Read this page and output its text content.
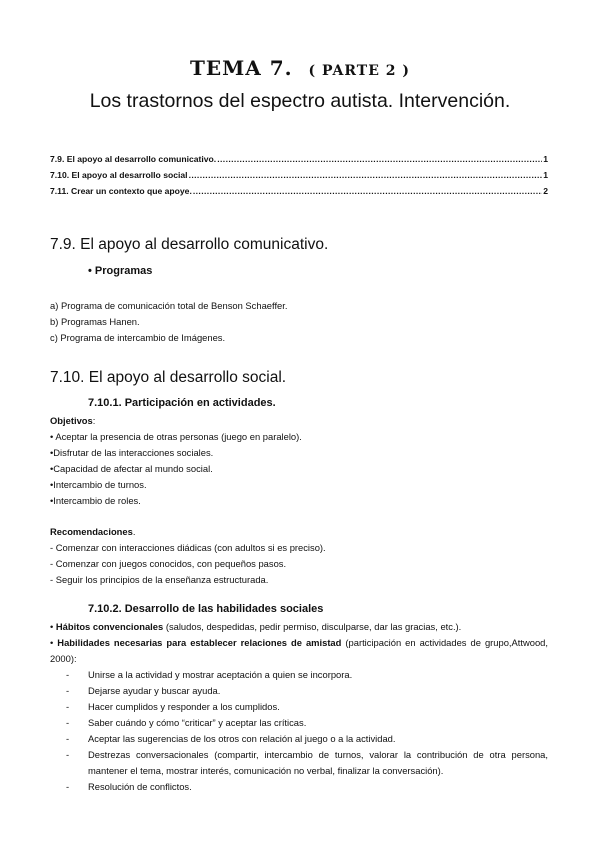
TEMA 7. ( PARTE 2 )
Los trastornos del espectro autista. Intervención.
7.9. El apoyo al desarrollo comunicativo. .....	1
7.10. El apoyo al desarrollo social .....	1
7.11. Crear un contexto que apoye. .....	2
7.9. El apoyo al desarrollo comunicativo.
• Programas
a) Programa de comunicación total de Benson Schaeffer.
b) Programas Hanen.
c) Programa de intercambio de Imágenes.
7.10. El apoyo al desarrollo social.
7.10.1. Participación en actividades.
Objetivos:
• Aceptar la presencia de otras personas (juego en paralelo).
•Disfrutar de las interacciones sociales.
•Capacidad de afectar al mundo social.
•Intercambio de turnos.
•Intercambio de roles.
Recomendaciones.
- Comenzar con interacciones diádicas (con adultos si es preciso).
- Comenzar con juegos conocidos, con pequeños pasos.
- Seguir los principios de la enseñanza estructurada.
7.10.2. Desarrollo de las habilidades sociales
• Hábitos convencionales (saludos, despedidas, pedir permiso, disculparse, dar las gracias, etc.).
• Habilidades necesarias para establecer relaciones de amistad (participación en actividades de grupo,Attwood, 2000):
-	Unirse a la actividad y mostrar aceptación a quien se incorpora.
-	Dejarse ayudar y buscar ayuda.
-	Hacer cumplidos y responder a los cumplidos.
-	Saber cuándo y cómo “criticar” y aceptar las críticas.
-	Aceptar las sugerencias de los otros con relación al juego o a la actividad.
-	Destrezas conversacionales (compartir, intercambio de turnos, valorar la contribución de otra persona, mantener el tema, mostrar interés, comunicación no verbal, finalizar la conversación).
-	Resolución de conflictos.
